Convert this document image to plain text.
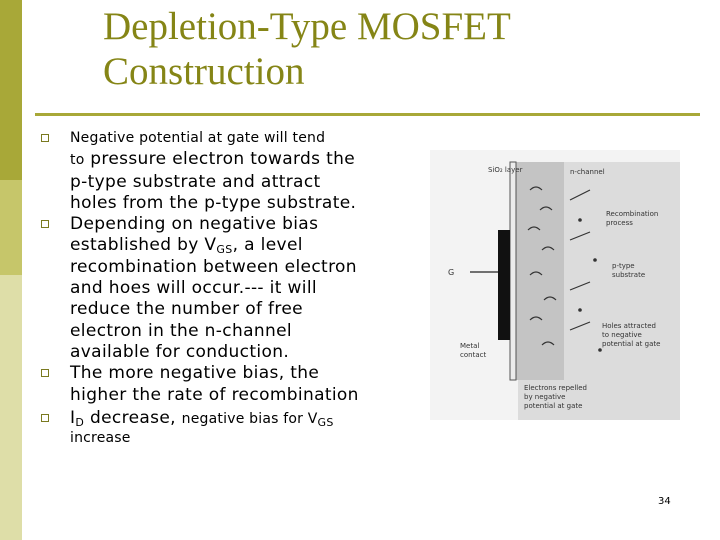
Depletion-Type MOSFET
Construction
Negative potential at gate will tend
to pressure electron towards the
p-type substrate and attract
holes from the p-type substrate.
Depending on negative bias
established by $V_{GS}$, a level
recombination between electron
and hoes will occur.--- it will
reduce the number of free
electron in the n-channel
available for conduction.
The more negative bias, the
higher the rate of recombination
$I_D$ decrease, negative bias for $V_{GS}$
increase
SiO₂ layer	n-channel
Recombination
process
p-type
substrate
Holes attracted
to negative
potential at gate
G
Metal
contact
Electrons repelled
by negative
potential at gate
34
